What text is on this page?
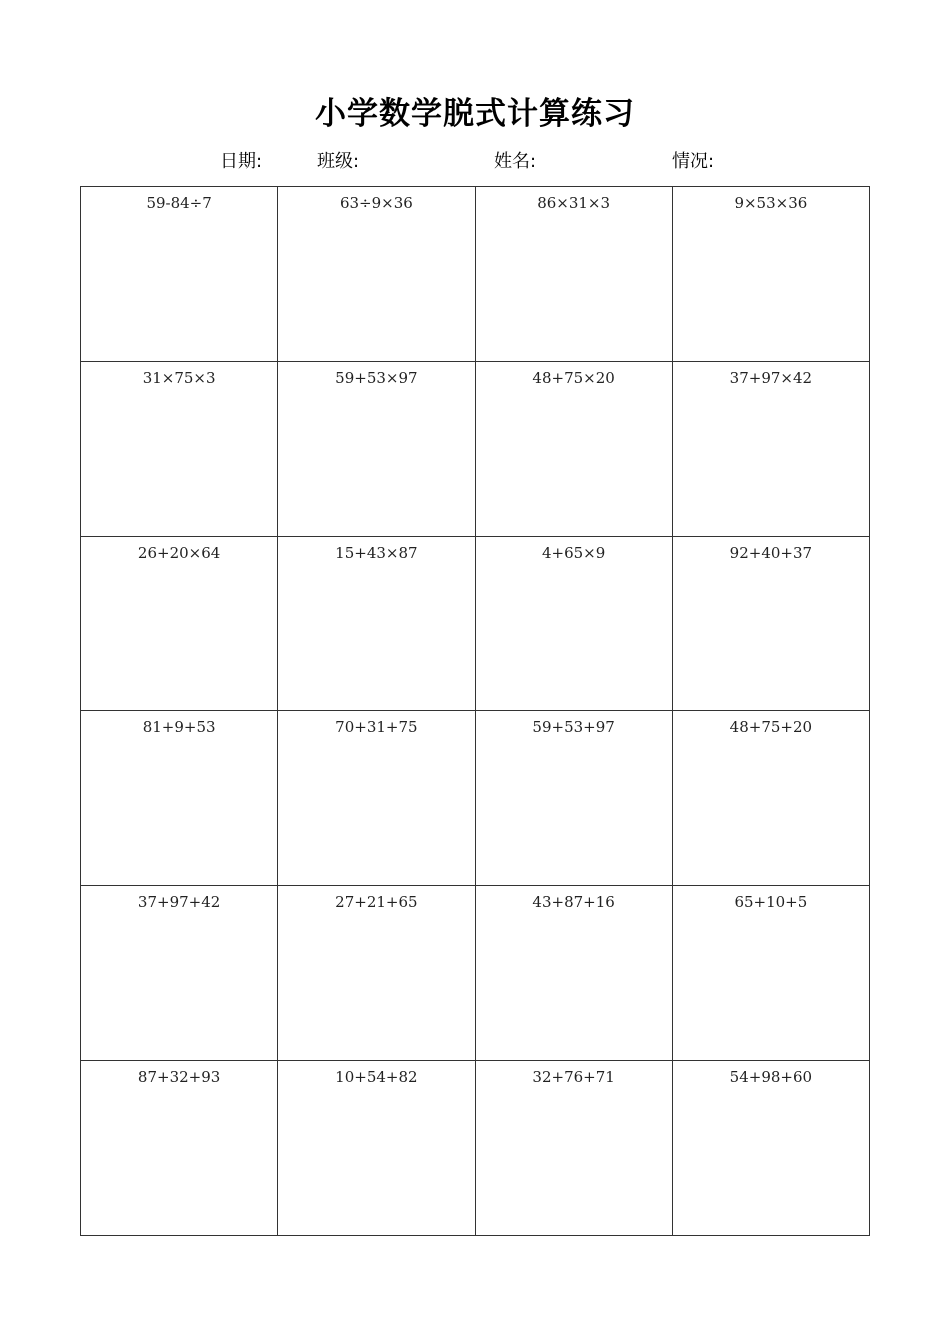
小学数学脱式计算练习
日期:	班级:	姓名:	情况:
59-84÷7	63÷9×36	86×31×3	9×53×36
31×75×3	59+53×97	48+75×20	37+97×42
26+20×64	15+43×87	4+65×9	92+40+37
81+9+53	70+31+75	59+53+97	48+75+20
37+97+42	27+21+65	43+87+16	65+10+5
87+32+93	10+54+82	32+76+71	54+98+60
